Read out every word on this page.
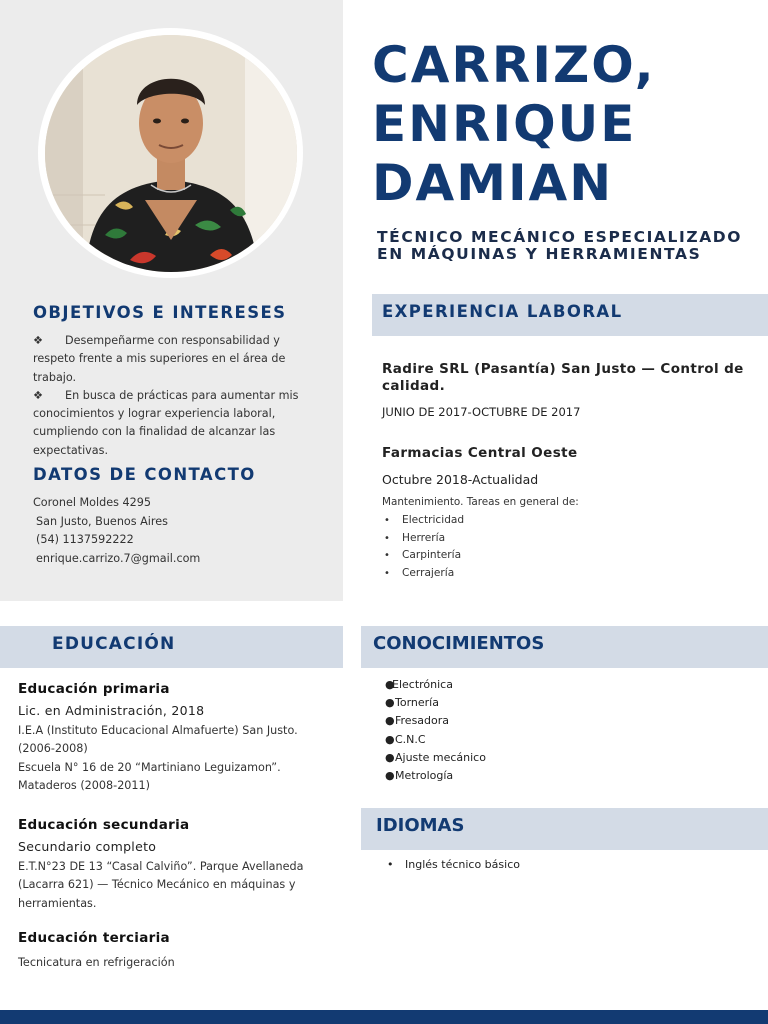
CARRIZO,
ENRIQUE
DAMIAN
TÉCNICO MECÁNICO ESPECIALIZADO
EN MÁQUINAS Y HERRAMIENTAS
OBJETIVOS E INTERESES
❖ Desempeñarme con responsabilidad y respeto frente a mis superiores en el área de trabajo.
❖ En busca de prácticas para aumentar mis conocimientos y lograr experiencia laboral, cumpliendo con la finalidad de alcanzar las expectativas.
DATOS DE CONTACTO
Coronel Moldes 4295
San Justo, Buenos Aires
(54) 1137592222
enrique.carrizo.7@gmail.com
EXPERIENCIA LABORAL
Radire SRL (Pasantía) San Justo — Control de calidad.
JUNIO DE 2017-OCTUBRE DE 2017
Farmacias Central Oeste
Octubre 2018-Actualidad
Mantenimiento. Tareas en general de:
• Electricidad
• Herrería
• Carpintería
• Cerrajería
EDUCACIÓN
Educación primaria
Lic. en Administración, 2018
I.E.A (Instituto Educacional Almafuerte) San Justo. (2006-2008)
Escuela N° 16 de 20 “Martiniano Leguizamon”. Mataderos (2008-2011)
Educación secundaria
Secundario completo
E.T.N°23 DE 13 “Casal Calviño”. Parque Avellaneda (Lacarra 621) — Técnico Mecánico en máquinas y herramientas.
Educación terciaria
Tecnicatura en refrigeración
CONOCIMIENTOS
●Electrónica
●Tornería
●Fresadora
●C.N.C
●Ajuste mecánico
●Metrología
IDIOMAS
• Inglés técnico básico
